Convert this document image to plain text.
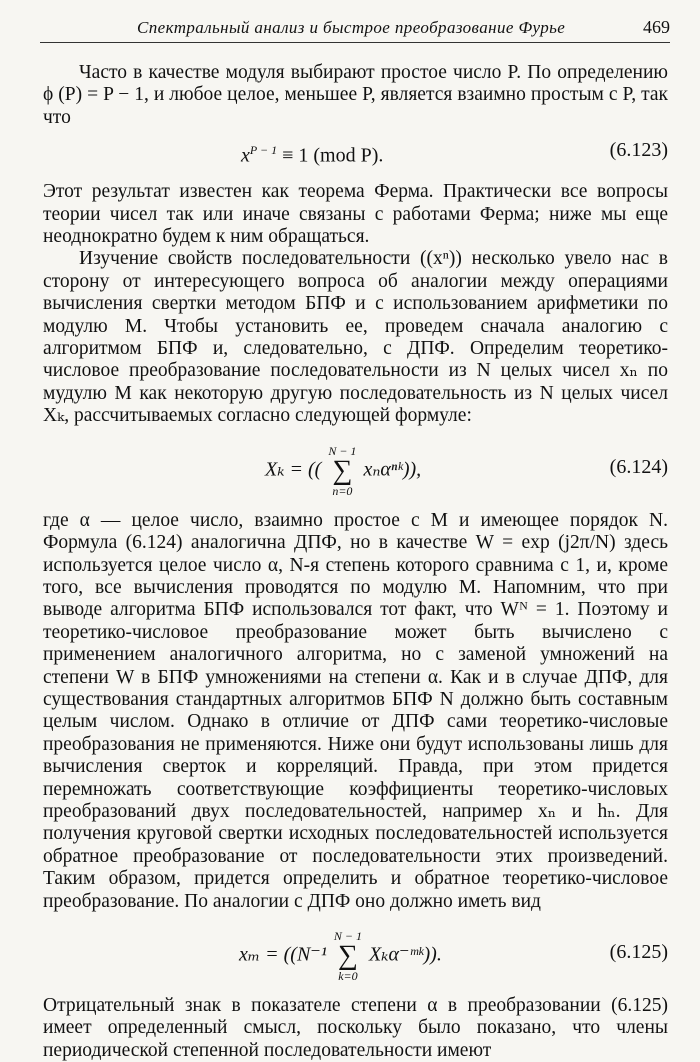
Спектральный анализ и быстрое преобразование Фурье	469

Часто в качестве модуля выбирают простое число P. По определению ϕ (P) = P − 1, и любое целое, меньшее P, является взаимно простым с P, так что

$x^{P - 1} \equiv 1$ (mod P).	(6.123)

Этот результат известен как теорема Ферма. Практически все вопросы теории чисел так или иначе связаны с работами Ферма; ниже мы еще неоднократно будем к ним обращаться.

Изучение свойств последовательности ((xⁿ)) несколько увело нас в сторону от интересующего вопроса об аналогии между операциями вычисления свертки методом БПФ и с использованием арифметики по модулю M. Чтобы установить ее, проведем сначала аналогию с алгоритмом БПФ и, следовательно, с ДПФ. Определим теоретико-числовое преобразование последовательности из N целых чисел xₙ по мудулю M как некоторую другую последовательность из N целых чисел Xₖ, рассчитываемых согласно следующей формуле:

Xₖ = ((
N − 1
∑
n=0
xₙαⁿᵏ)),	(6.124)

где α — целое число, взаимно простое с M и имеющее порядок N. Формула (6.124) аналогична ДПФ, но в качестве W = exp (j2π/N) здесь используется целое число α, N-я степень которого сравнима с 1, и, кроме того, все вычисления проводятся по модулю M. Напомним, что при выводе алгоритма БПФ использовался тот факт, что Wᴺ = 1. Поэтому и теоретико-числовое преобразование может быть вычислено с применением аналогичного алгоритма, но с заменой умножений на степени W в БПФ умножениями на степени α. Как и в случае ДПФ, для существования стандартных алгоритмов БПФ N должно быть составным целым числом. Однако в отличие от ДПФ сами теоретико-числовые преобразования не применяются. Ниже они будут использованы лишь для вычисления сверток и корреляций. Правда, при этом придется перемножать соответствующие коэффициенты теоретико-числовых преобразований двух последовательностей, например xₙ и hₙ. Для получения круговой свертки исходных последовательностей используется обратное преобразование от последовательности этих произведений. Таким образом, придется определить и обратное теоретико-числовое преобразование. По аналогии с ДПФ оно должно иметь вид

xₘ = ((N⁻¹
N − 1
∑
k=0
Xₖα⁻ᵐᵏ)).	(6.125)

Отрицательный знак в показателе степени α в преобразовании (6.125) имеет определенный смысл, поскольку было показано, что члены периодической степенной последовательности имеют
